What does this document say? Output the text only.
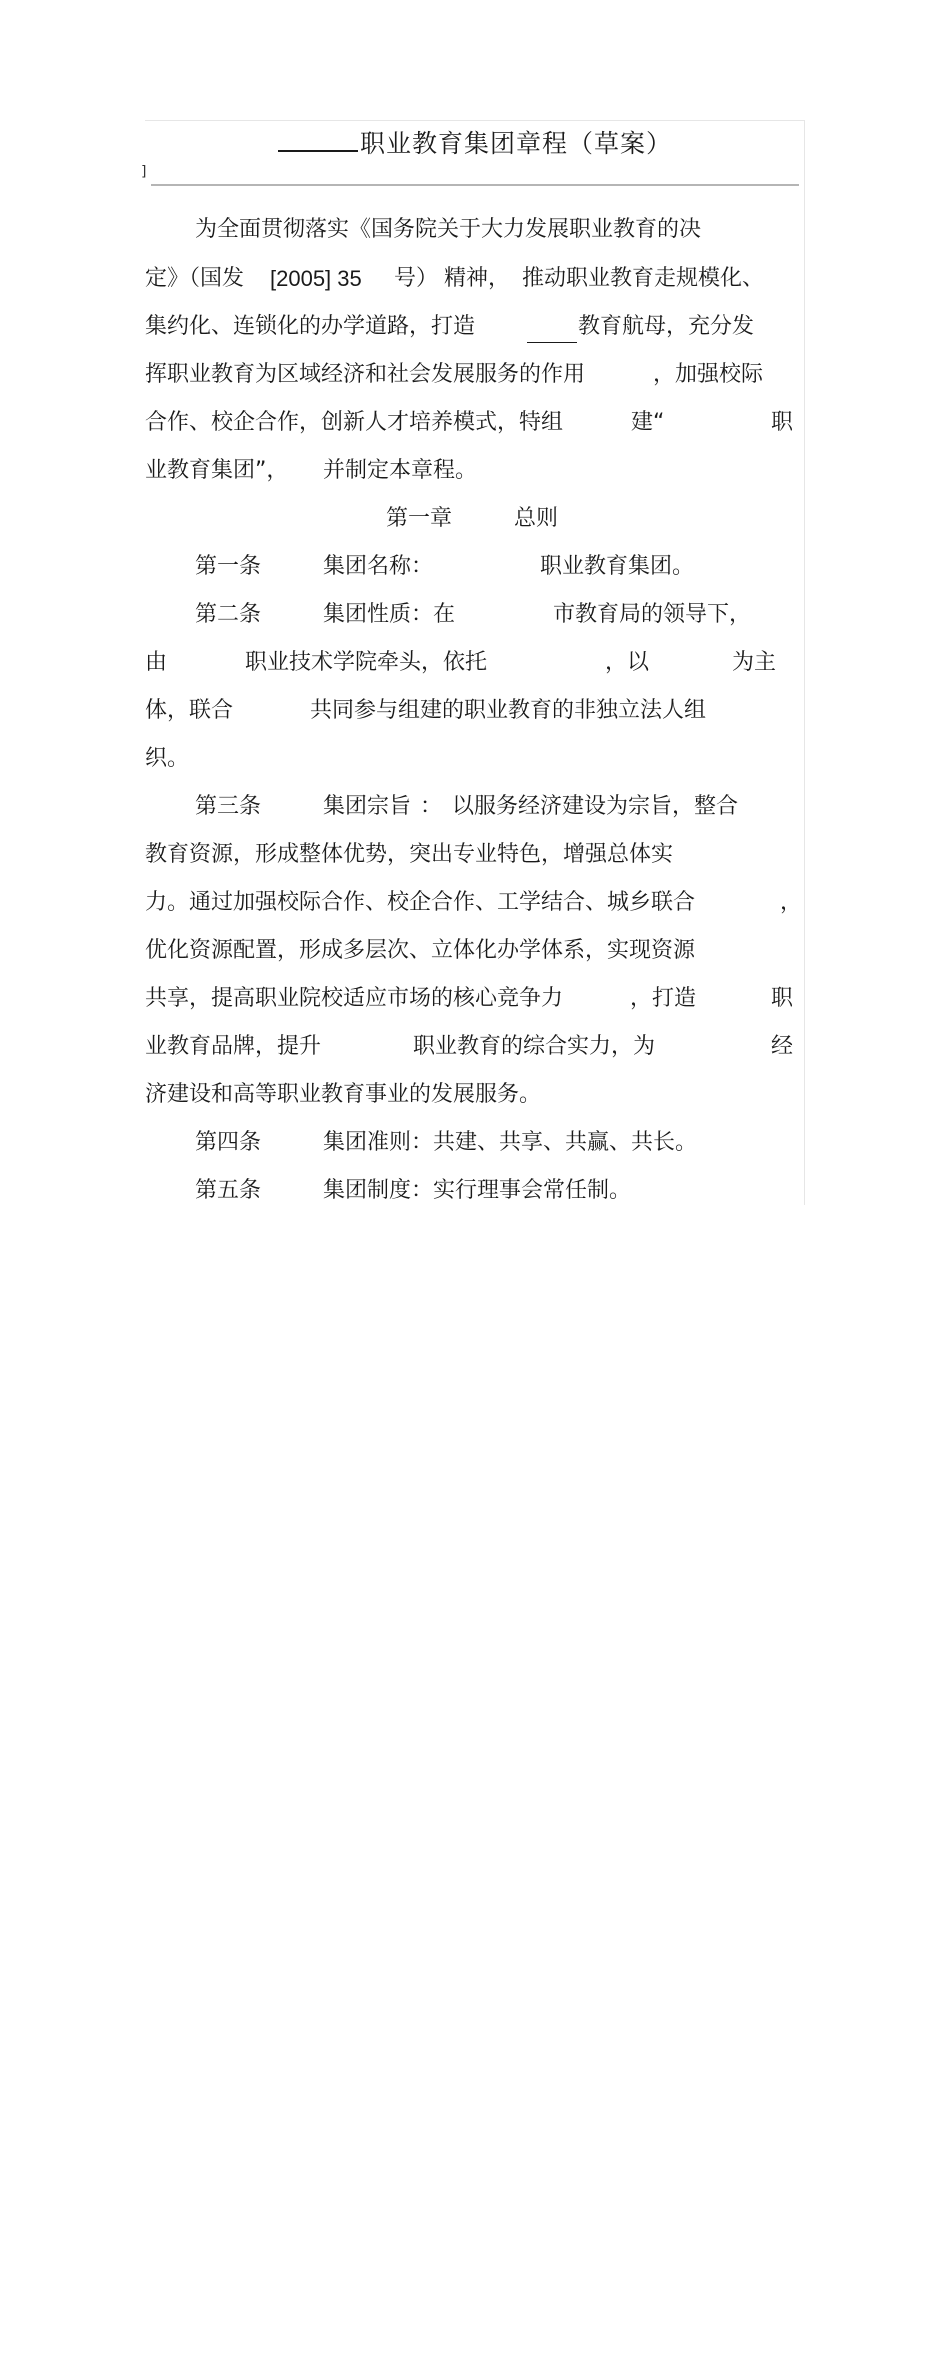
职业教育集团章程（草案）
]

为全面贯彻落实《国务院关于大力发展职业教育的决

定》（国发

[2005] 35

号）

精神，

推动职业教育走规模化、

集约化、连锁化的办学道路，打造

	教育航母，充分发

挥职业教育为区域经济和社会发展服务的作用

	，加强校际

合作、校企合作，创新人才培养模式，特组

	建“

	职

业教育集团”，

并制定本章程。

第一章

	总则

第一条

	集团名称：

	职业教育集团。

第二条

	集团性质：在

	市教育局的领导下，

由

	职业技术学院牵头，依托

	，以

	为主

体，联合

	共同参与组建的职业教育的非独立法人组

织。

第三条

	集团宗旨

：

以服务经济建设为宗旨，整合

教育资源，形成整体优势，突出专业特色，增强总体实

力。通过加强校际合作、校企合作、工学结合、城乡联合

	，

优化资源配置，形成多层次、立体化办学体系，实现资源

共享，提高职业院校适应市场的核心竞争力

	，打造

	职

业教育品牌，提升

	职业教育的综合实力，为

	经

济建设和高等职业教育事业的发展服务。

第四条

	集团准则：共建、共享、共赢、共长。

第五条

	集团制度：实行理事会常任制。
